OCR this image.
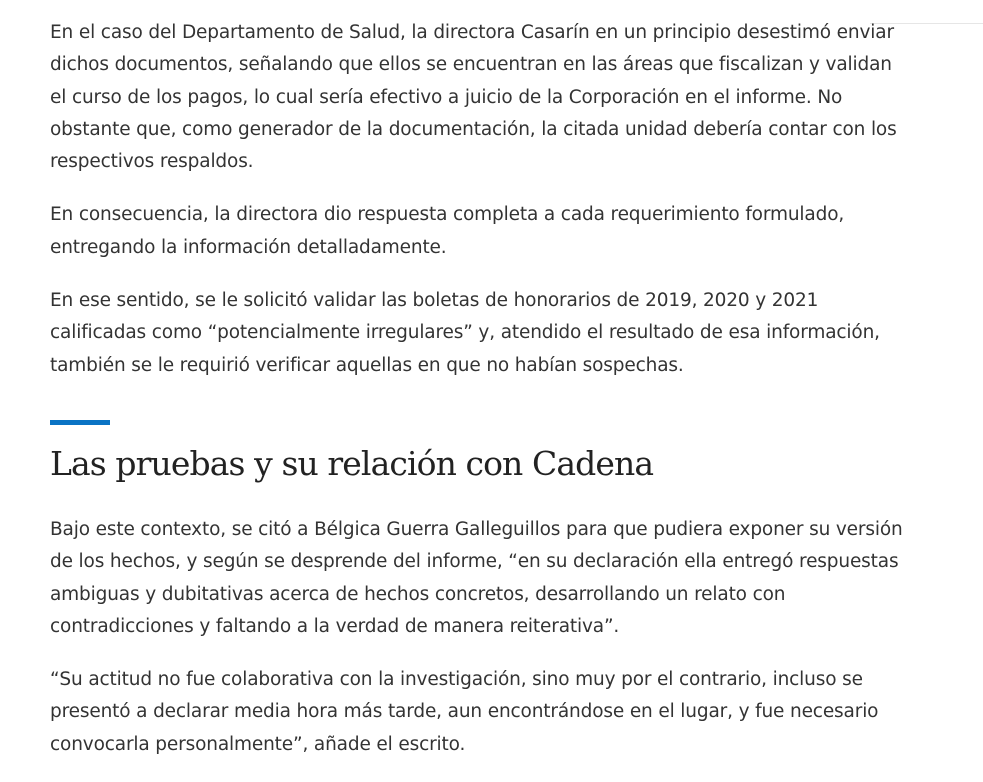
En el caso del Departamento de Salud, la directora Casarín en un principio desestimó enviar dichos documentos, señalando que ellos se encuentran en las áreas que fiscalizan y validan el curso de los pagos, lo cual sería efectivo a juicio de la Corporación en el informe. No obstante que, como generador de la documentación, la citada unidad debería contar con los respectivos respaldos.

En consecuencia, la directora dio respuesta completa a cada requerimiento formulado, entregando la información detalladamente.

En ese sentido, se le solicitó validar las boletas de honorarios de 2019, 2020 y 2021 calificadas como “potencialmente irregulares” y, atendido el resultado de esa información, también se le requirió verificar aquellas en que no habían sospechas.

Las pruebas y su relación con Cadena

Bajo este contexto, se citó a Bélgica Guerra Galleguillos para que pudiera exponer su versión de los hechos, y según se desprende del informe, “en su declaración ella entregó respuestas ambiguas y dubitativas acerca de hechos concretos, desarrollando un relato con contradicciones y faltando a la verdad de manera reiterativa”.

“Su actitud no fue colaborativa con la investigación, sino muy por el contrario, incluso se presentó a declarar media hora más tarde, aun encontrándose en el lugar, y fue necesario convocarla personalmente”, añade el escrito.
